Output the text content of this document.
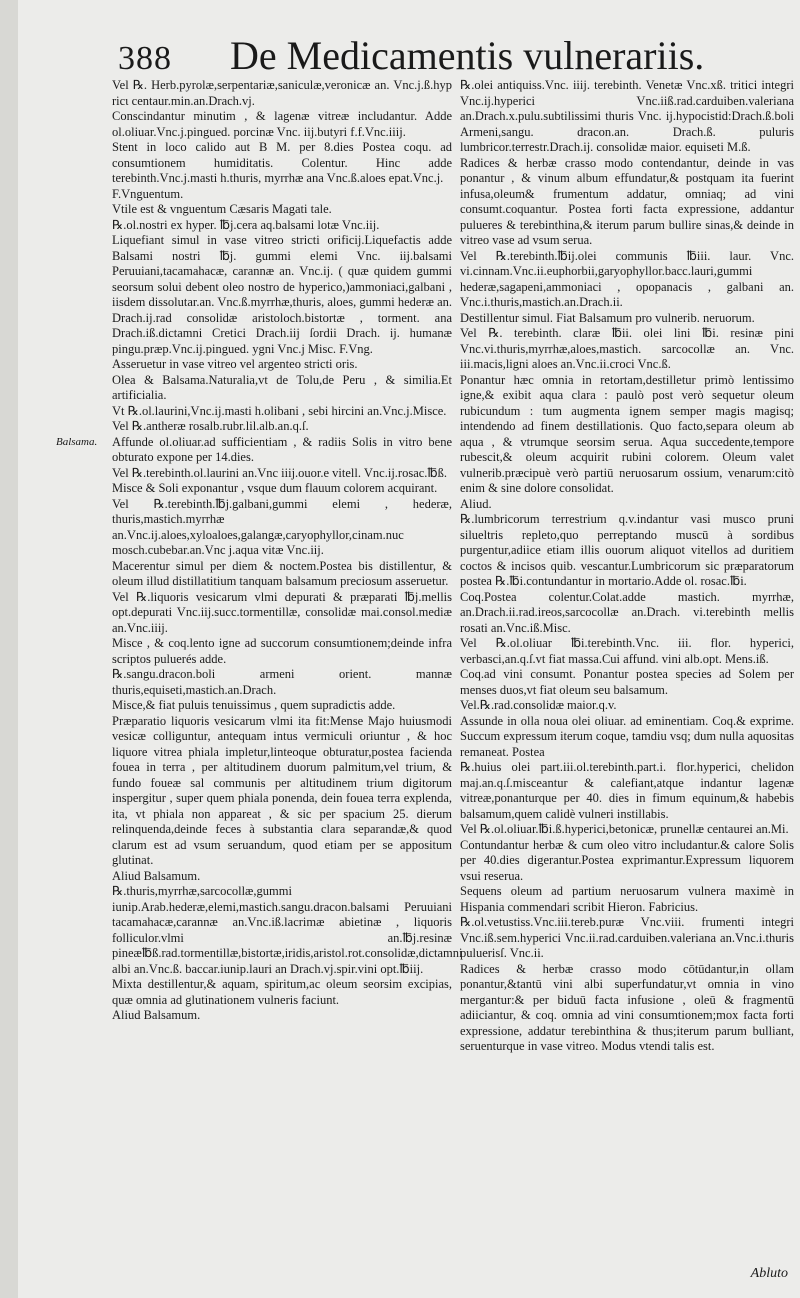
388 De Medicamentis vulnerariis.
Balsama.

Vel ℞. Herb.pyrolæ,serpentariæ,saniculæ,veronicæ an. Vnc.j.ß.hyp ricι centaur.min.an.Drach.vj.

Conscindantur minutim , & lagenæ vitreæ includantur. Adde ol.oliuar.Vnc.j.pingued. porcinæ Vnc. iij.butyri f.f.Vnc.iiij.

Stent in loco calido aut B M. per 8.dies Postea coqu. ad consumtionem humiditatis. Colentur. Hinc adde terebinth.Vnc.j.masti h.thuris, myrrhæ ana Vnc.ß.aloes epat.Vnc.j.

F.Vnguentum.

Vtile est & vnguentum Cæsaris Magati tale.

℞.ol.nostri ex hyper. ℔j.cera aq.balsami lotæ Vnc.iij.

Liquefiant simul in vase vitreo stricti orificij.Liquefactis adde Balsami nostri ℔j. gummi elemi Vnc. iij.balsami Peruuiani,tacamahacæ, carannæ an. Vnc.ij. ( quæ quidem gummi seorsum solui debent oleo nostro de hyperico,)ammoniaci,galbani , iisdem dissolutar.an. Vnc.ß.myrrhæ,thuris, aloes, gummi hederæ an. Drach.ij.rad consolidæ aristoloch.bistortæ , torment. ana Drach.iß.dictamni Cretici Drach.iij ſordii Drach. ij. humanæ pingu.præp.Vnc.ij.pingued. ygni Vnc.j Misc. F.Vng.

Asseruetur in vase vitreo vel argenteo stricti oris.

Olea & Balsama.Naturalia,vt de Tolu,de Peru , & similia.Et artificialia.

Vt ℞.ol.laurini,Vnc.ij.masti h.olibani , sebi hircini an.Vnc.j.Misce.

Vel ℞.antheræ rosalb.rubr.lil.alb.an.q.ſ.

Affunde ol.oliuar.ad sufficientiam , & radiis Solis in vitro bene obturato expone per 14.dies.

Vel ℞.terebinth.ol.laurini an.Vnc iiij.ouor.e vitell. Vnc.ij.rosac.℔ß.

Misce & Soli exponantur , vsque dum flauum colorem acquirant.

Vel ℞.terebinth.℔j.galbani,gummi elemi , hederæ, thuris,mastich.myrrhæ an.Vnc.ij.aloes,xyloaloes,galangæ,caryophyllor,cinam.nuc mosch.cubebar.an.Vnc j.aqua vitæ Vnc.iij.

Macerentur simul per diem & noctem.Postea bis distillentur, & oleum illud distillatitium tanquam balsamum preciosum asseruetur.

Vel ℞.liquoris vesicarum vlmi depurati & præparati ℔j.mellis opt.depurati Vnc.iij.succ.tormentillæ, consolidæ mai.consol.mediæ an.Vnc.iiij.

Misce , & coq.lento igne ad succorum consumtionem;deinde infra scriptos puluerés adde.

℞.sangu.dracon.boli armeni orient. mannæ thuris,equiseti,mastich.an.Drach.

Misce,& fiat puluis tenuissimus , quem supradictis adde.

Præparatio liquoris vesicarum vlmi ita fit:Mense Majo huiusmodi vesicæ colliguntur, antequam intus vermiculi oriuntur , & hoc liquore vitrea phiala impletur,linteoque obturatur,postea facienda fouea in terra , per altitudinem duorum palmitum,vel trium, & fundo foueæ sal communis per altitudinem trium digitorum inspergitur , super quem phiala ponenda, dein fouea terra explenda, ita, vt phiala non appareat , & sic per spacium 25. dierum relinquenda,deinde feces à substantia clara separandæ,& quod clarum est ad vsum seruandum, quod etiam per se appositum glutinat.

Aliud Balsamum.

℞.thuris,myrrhæ,sarcocollæ,gummi iunip.Arab.hederæ,elemi,mastich.sangu.dracon.balsami Peruuiani tacamahacæ,carannæ an.Vnc.iß.lacrimæ abietinæ , liquoris folliculor.vlmi an.℔j.resinæ pineæ℔ß.rad.tormentillæ,bistortæ,iridis,aristol.rot.consolidæ,dictamni albi an.Vnc.ß. baccar.iunip.lauri an Drach.vj.spir.vini opt.℔iij.

Mixta destillentur,& aquam, spiritum,ac oleum seorsim excipias, quæ omnia ad glutinationem vulneris faciunt.

Aliud Balsamum.

℞.olei antiquiss.Vnc. iiij. terebinth. Venetæ Vnc.xß. tritici integri Vnc.ij.hyperici Vnc.iiß.rad.carduiben.valeriana an.Drach.x.pulu.subtilissimi thuris Vnc. ij.hypocistid:Drach.ß.boli Armeni,sangu. dracon.an. Drach.ß. puluris lumbricor.terrestr.Drach.ij. consolidæ maior. equiseti M.ß.

Radices & herbæ crasso modo contendantur, deinde in vas ponantur , & vinum album effundatur,& postquam ita fuerint infusa,oleum& frumentum addatur, omniaq; ad vini consumt.coquantur. Postea forti facta expressione, addantur pulueres & terebinthina,& iterum parum bullire sinas,& deinde in vitreo vase ad vsum serua.

Vel ℞.terebinth.℔ij.olei communis ℔iii. laur. Vnc. vi.cinnam.Vnc.ii.euphorbii,garyophyllor.bacc.lauri,gummi hederæ,sagapeni,ammoniaci , opopanacis , galbani an. Vnc.i.thuris,mastich.an.Drach.ii.

Destillentur simul. Fiat Balsamum pro vulnerib. neruorum.

Vel ℞. terebinth. claræ ℔ii. olei lini ℔i. resinæ pini Vnc.vi.thuris,myrrhæ,aloes,mastich. sarcocollæ an. Vnc. iii.macis,ligni aloes an.Vnc.ii.croci Vnc.ß.

Ponantur hæc omnia in retortam,destilletur primò lentissimo igne,& exibit aqua clara : paulò post verò sequetur oleum rubicundum : tum augmenta ignem semper magis magisq; intendendo ad finem destillationis. Quo facto,separa oleum ab aqua , & vtrumque seorsim serua. Aqua succedente,tempore rubescit,& oleum acquirit rubini colorem. Oleum valet vulnerib.præcipuè verò partiū neruosarum ossium, venarum:citò enim & sine dolore consolidat.

Aliud.

℞.lumbricorum terrestrium q.v.indantur vasi musco pruni silueltris repleto,quo perreptando muscū à sordibus purgentur,adiice etiam illis ouorum aliquot vitellos ad duritiem coctos & incisos quib. vescantur.Lumbricorum sic præparatorum postea ℞.℔i.contundantur in mortario.Adde ol. rosac.℔i.

Coq.Postea colentur.Colat.adde mastich. myrrhæ, an.Drach.ii.rad.ireos,sarcocollæ an.Drach. vi.terebinth mellis rosati an.Vnc.iß.Misc.

Vel ℞.ol.oliuar ℔i.terebinth.Vnc. iii. flor. hyperici, verbasci,an.q.ſ.vt fiat massa.Cui affund. vini alb.opt. Mens.iß.

Coq.ad vini consumt. Ponantur postea species ad Solem per menses duos,vt fiat oleum seu balsamum.

Vel.℞.rad.consolidæ maior.q.v.

Assunde in olla noua olei oliuar. ad eminentiam. Coq.& exprime. Succum expressum iterum coque, tamdiu vsq; dum nulla aquositas remaneat. Postea

℞.huius olei part.iii.ol.terebinth.part.i. flor.hyperici, chelidon maj.an.q.ſ.misceantur & calefiant,atque indantur lagenæ vitreæ,ponanturque per 40. dies in fimum equinum,& habebis balsamum,quem calidè vulneri instillabis.

Vel ℞.ol.oliuar.℔i.ß.hyperici,betonicæ, prunellæ centaurei an.Mi.

Contundantur herbæ & cum oleo vitro includantur.& calore Solis per 40.dies digerantur.Postea exprimantur.Expressum liquorem vsui reserua.

Sequens oleum ad partium neruosarum vulnera maximè in Hispania commendari scribit Hieron. Fabricius.

℞.ol.vetustiss.Vnc.iii.tereb.puræ Vnc.viii. frumenti integri Vnc.iß.sem.hyperici Vnc.ii.rad.carduiben.valeriana an.Vnc.i.thuris puluerisſ. Vnc.ii.

Radices & herbæ crasso modo cōtūdantur,in ollam ponantur,&tantū vini albi superfundatur,vt omnia in vino mergantur:& per biduū facta infusione , oleū & fragmentū adiiciantur, & coq. omnia ad vini consumtionem;mox facta forti expressione, addatur terebinthina & thus;iterum parum bulliant, seruenturque in vase vitreo. Modus vtendi talis est.

Abluto
